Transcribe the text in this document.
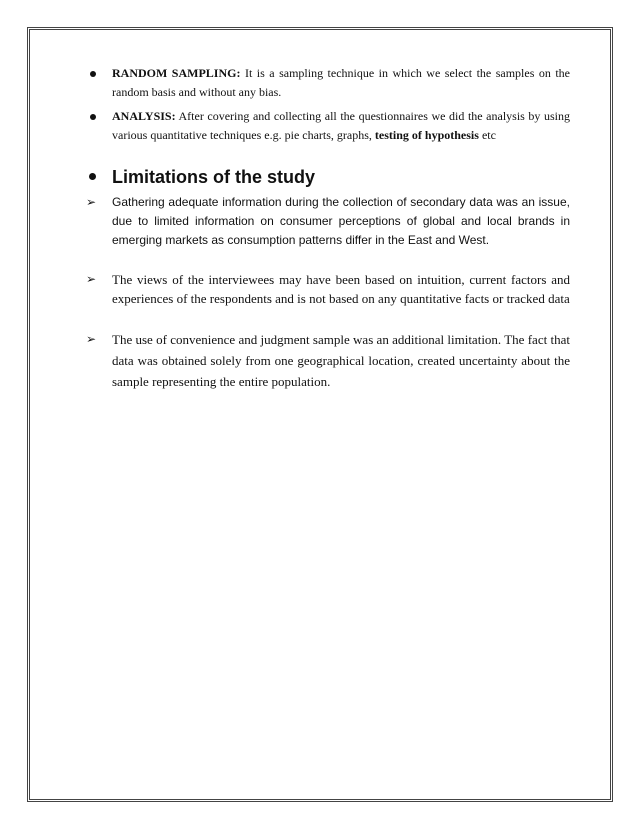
RANDOM SAMPLING: It is a sampling technique in which we select the samples on the random basis and without any bias.
ANALYSIS: After covering and collecting all the questionnaires we did the analysis by using various quantitative techniques e.g. pie charts, graphs, testing of hypothesis etc
Limitations of the study
➢ Gathering adequate information during the collection of secondary data was an issue, due to limited information on consumer perceptions of global and local brands in emerging markets as consumption patterns differ in the East and West.
➢ The views of the interviewees may have been based on intuition, current factors and experiences of the respondents and is not based on any quantitative facts or tracked data
➢ The use of convenience and judgment sample was an additional limitation. The fact that data was obtained solely from one geographical location, created uncertainty about the sample representing the entire population.
